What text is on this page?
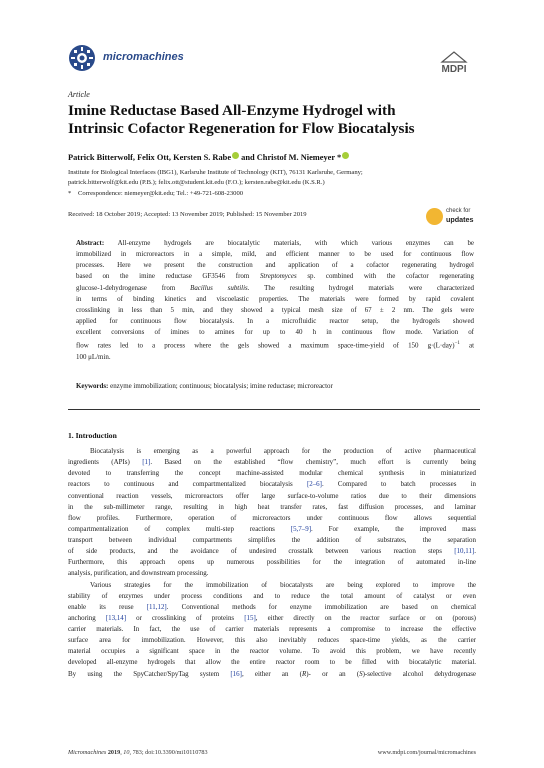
micromachines
MDPI
Article
Imine Reductase Based All-Enzyme Hydrogel with
Intrinsic Cofactor Regeneration for Flow Biocatalysis
Patrick Bitterwolf, Felix Ott, Kersten S. Rabe and Christof M. Niemeyer *
Institute for Biological Interfaces (IBG1), Karlsruhe Institute of Technology (KIT), 76131 Karlsruhe, Germany;
patrick.bitterwolf@kit.edu (P.B.); felix.ott@student.kit.edu (F.O.); kersten.rabe@kit.edu (K.S.R.)
* Correspondence: niemeyer@kit.edu; Tel.: +49-721-608-23000
Received: 18 October 2019; Accepted: 13 November 2019; Published: 15 November 2019	check for
updates
Abstract: All-enzyme hydrogels are biocatalytic materials, with which various enzymes can be
immobilized in microreactors in a simple, mild, and efficient manner to be used for continuous flow
processes. Here we present the construction and application of a cofactor regenerating hydrogel
based on the imine reductase GF3546 from Streptomyces sp. combined with the cofactor regenerating
glucose-1-dehydrogenase from Bacillus subtilis. The resulting hydrogel materials were characterized
in terms of binding kinetics and viscoelastic properties. The materials were formed by rapid covalent
crosslinking in less than 5 min, and they showed a typical mesh size of 67 ± 2 nm. The gels were
applied for continuous flow biocatalysis. In a microfluidic reactor setup, the hydrogels showed
excellent conversions of imines to amines for up to 40 h in continuous flow mode. Variation of
flow rates led to a process where the gels showed a maximum space-time-yield of 150 $g\cdot(L\cdot day)^{-1}$ at
100 μL/min.
Keywords: enzyme immobilization; continuous; biocatalysis; imine reductase; microreactor
1. Introduction
Biocatalysis is emerging as a powerful approach for the production of active pharmaceutical
ingredients (APIs) [1]. Based on the established “flow chemistry”, much effort is currently being
devoted to transferring the concept machine-assisted modular chemical synthesis in miniaturized
reactors to continuous and compartmentalized biocatalysis [2–6]. Compared to batch processes in
conventional reaction vessels, microreactors offer large surface-to-volume ratios due to their dimensions
in the sub-millimeter range, resulting in high heat transfer rates, fast diffusion processes, and laminar
flow profiles. Furthermore, operation of microreactors under continuous flow allows sequential
compartmentalization of complex multi-step reactions [5,7–9]. For example, the improved mass
transport between individual compartments simplifies the addition of substrates, the separation
of side products, and the avoidance of undesired crosstalk between various reaction steps [10,11].
Furthermore, this approach opens up numerous possibilities for the integration of automated in-line
analysis, purification, and downstream processing.
Various strategies for the immobilization of biocatalysts are being explored to improve the
stability of enzymes under process conditions and to reduce the total amount of catalyst or even
enable its reuse [11,12]. Conventional methods for enzyme immobilization are based on chemical
anchoring [13,14] or crosslinking of proteins [15], either directly on the reactor surface or on (porous)
carrier materials. In fact, the use of carrier materials represents a compromise to increase the effective
surface area for immobilization. However, this also inevitably reduces space-time yields, as the carrier
material occupies a significant space in the reactor volume. To avoid this problem, we have recently
developed all-enzyme hydrogels that allow the entire reactor room to be filled with biocatalytic material.
By using the SpyCatcher/SpyTag system [16], either an (R)- or an (S)-selective alcohol dehydrogenase
Micromachines 2019, 10, 783; doi:10.3390/mi10110783	www.mdpi.com/journal/micromachines
